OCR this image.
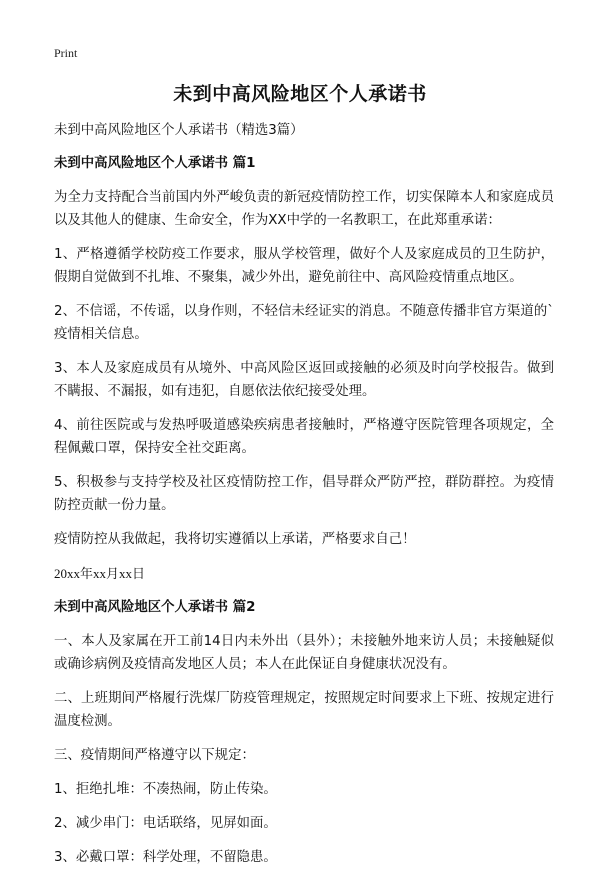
Print
未到中高风险地区个人承诺书

未到中高风险地区个人承诺书（精选3篇）

未到中高风险地区个人承诺书 篇1

为全力支持配合当前国内外严峻负责的新冠疫情防控工作，切实保障本人和家庭成员以及其他人的健康、生命安全，作为XX中学的一名教职工，在此郑重承诺：

1、严格遵循学校防疫工作要求，服从学校管理，做好个人及家庭成员的卫生防护，假期自觉做到不扎堆、不聚集，减少外出，避免前往中、高风险疫情重点地区。

2、不信谣，不传谣，以身作则，不轻信未经证实的消息。不随意传播非官方渠道的`疫情相关信息。

3、本人及家庭成员有从境外、中高风险区返回或接触的必须及时向学校报告。做到不瞒报、不漏报，如有违犯，自愿依法依纪接受处理。

4、前往医院或与发热呼吸道感染疾病患者接触时，严格遵守医院管理各项规定，全程佩戴口罩，保持安全社交距离。

5、积极参与支持学校及社区疫情防控工作，倡导群众严防严控，群防群控。为疫情防控贡献一份力量。

疫情防控从我做起，我将切实遵循以上承诺，严格要求自己！

20xx年xx月xx日

未到中高风险地区个人承诺书 篇2

一、本人及家属在开工前14日内未外出（县外）；未接触外地来访人员；未接触疑似或确诊病例及疫情高发地区人员；本人在此保证自身健康状况没有。

二、上班期间严格履行洗煤厂防疫管理规定，按照规定时间要求上下班、按规定进行温度检测。

三、疫情期间严格遵守以下规定：

1、拒绝扎堆：不凑热闹，防止传染。

2、减少串门：电话联络，见屏如面。

3、必戴口罩：科学处理，不留隐患。
